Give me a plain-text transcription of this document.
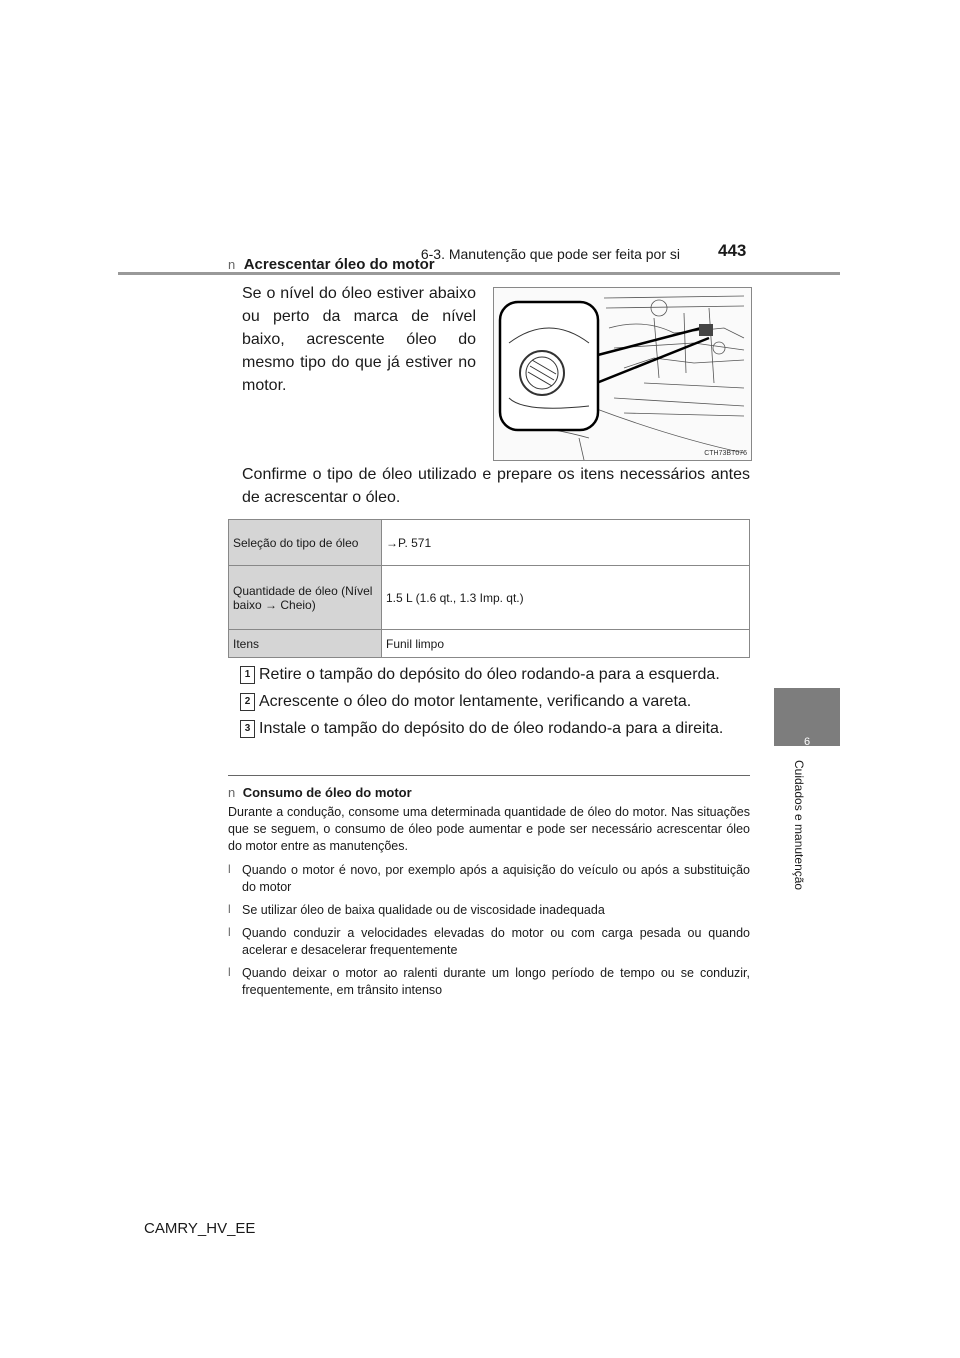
6-3. Manutenção que pode ser feita por si 443
6
Cuidados e manutenção
n Acrescentar óleo do motor
Se o nível do óleo estiver abaixo ou perto da marca de nível baixo, acrescente óleo do mesmo tipo do que já estiver no motor.
CTH73BT076
Confirme o tipo de óleo utilizado e prepare os itens necessários antes de acrescentar o óleo.
Seleção do tipo de óleo	→P. 571
Quantidade de óleo (Nível baixo → Cheio)	1.5 L (1.6 qt., 1.3 Imp. qt.)
Itens	Funil limpo
1 Retire o tampão do depósito do óleo rodando-a para a esquerda.
2 Acrescente o óleo do motor lentamente, verificando a vareta.
3 Instale o tampão do depósito do de óleo rodando-a para a direita.
n Consumo de óleo do motor
Durante a condução, consome uma determinada quantidade de óleo do motor. Nas situações que se seguem, o consumo de óleo pode aumentar e pode ser necessário acrescentar óleo do motor entre as manutenções.
l Quando o motor é novo, por exemplo após a aquisição do veículo ou após a substituição do motor
l Se utilizar óleo de baixa qualidade ou de viscosidade inadequada
l Quando conduzir a velocidades elevadas do motor ou com carga pesada ou quando acelerar e desacelerar frequentemente
l Quando deixar o motor ao ralenti durante um longo período de tempo ou se conduzir, frequentemente, em trânsito intenso
CAMRY_HV_EE
